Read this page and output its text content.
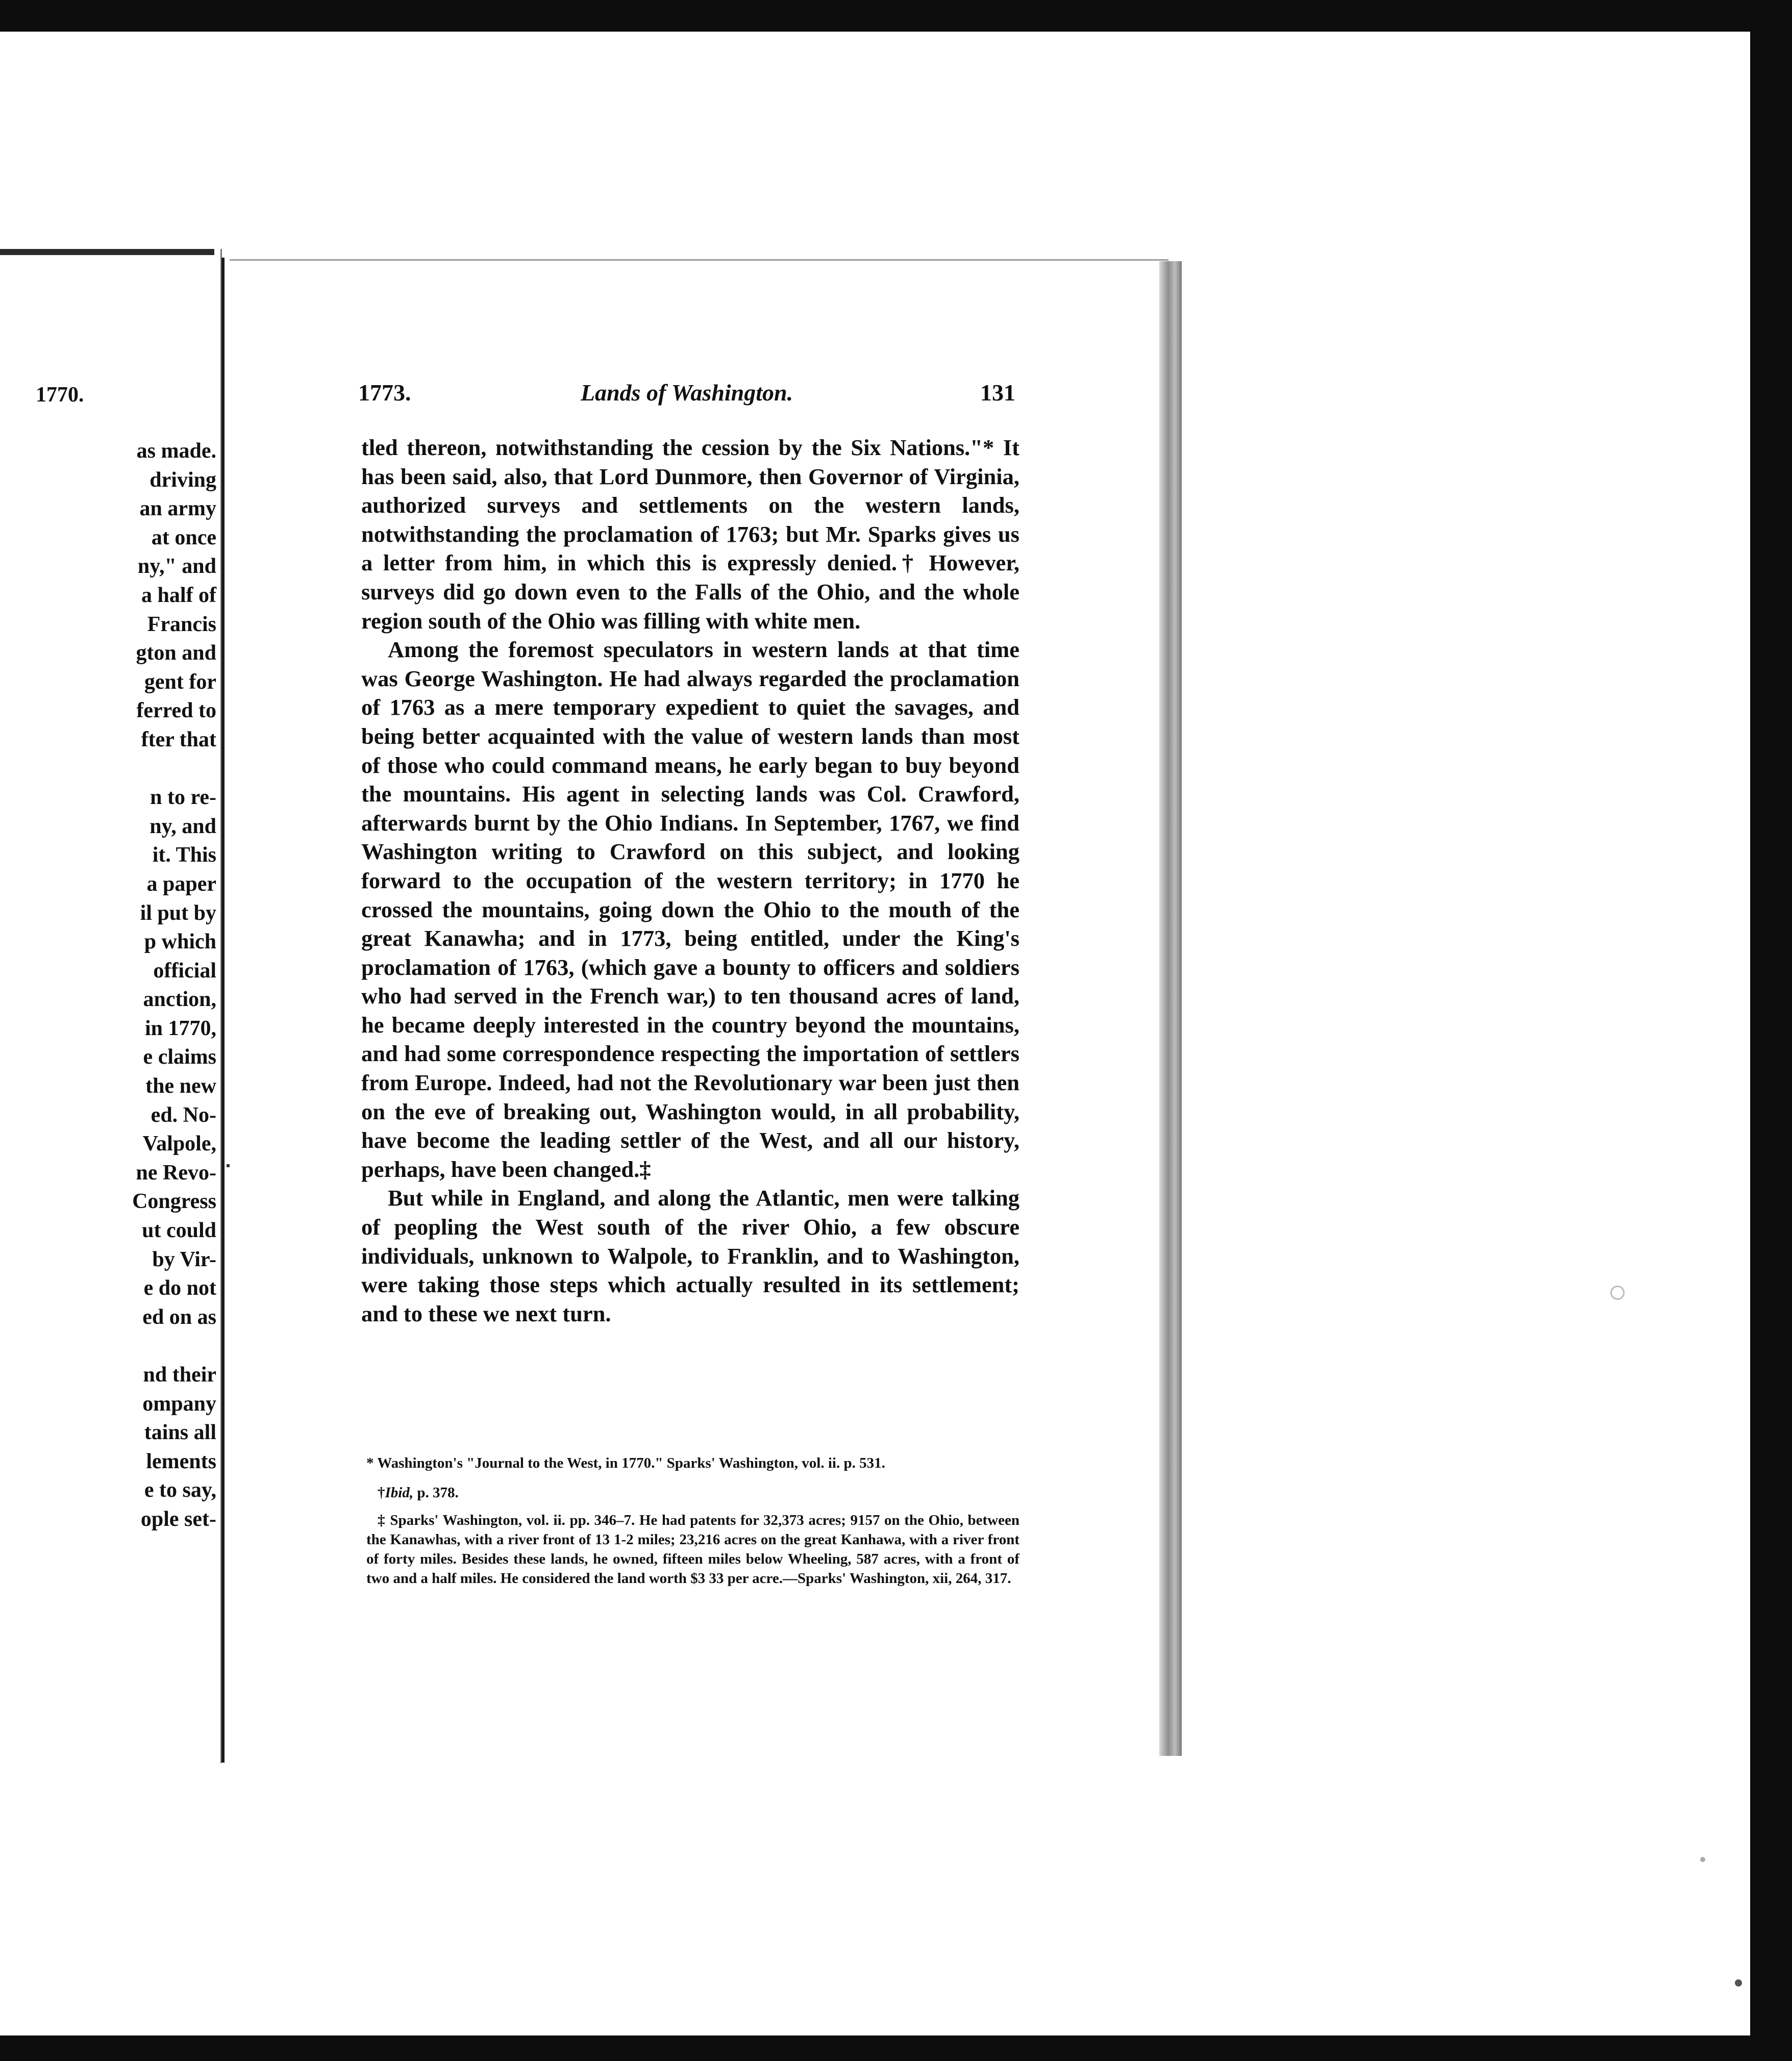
1770.
as made.
driving
an army
at once
ny," and
a half of
Francis
gton and
gent for
ferred to
fter that
n to re-
ny, and
it. This
a paper
il put by
p which
official
anction,
in 1770,
e claims
the new
ed. No-
Valpole,
ne Revo-
Congress
ut could
by Vir-
e do not
ed on as
nd their
ompany
tains all
lements
e to say,
ople set-
1773.	Lands of Washington.	131

tled thereon, notwithstanding the cession by the Six Nations."* It has been said, also, that Lord Dunmore, then Governor of Virginia, authorized surveys and settlements on the western lands, notwithstanding the proclamation of 1763; but Mr. Sparks gives us a letter from him, in which this is expressly denied.† However, surveys did go down even to the Falls of the Ohio, and the whole region south of the Ohio was filling with white men.

Among the foremost speculators in western lands at that time was George Washington. He had always regarded the proclamation of 1763 as a mere temporary expedient to quiet the savages, and being better acquainted with the value of western lands than most of those who could command means, he early began to buy beyond the mountains. His agent in selecting lands was Col. Crawford, afterwards burnt by the Ohio Indians. In September, 1767, we find Washington writing to Crawford on this subject, and looking forward to the occupation of the western territory; in 1770 he crossed the mountains, going down the Ohio to the mouth of the great Kanawha; and in 1773, being entitled, under the King's proclamation of 1763, (which gave a bounty to officers and soldiers who had served in the French war,) to ten thousand acres of land, he became deeply interested in the country beyond the mountains, and had some correspondence respecting the importation of settlers from Europe. Indeed, had not the Revolutionary war been just then on the eve of breaking out, Washington would, in all probability, have become the leading settler of the West, and all our history, perhaps, have been changed.‡

But while in England, and along the Atlantic, men were talking of peopling the West south of the river Ohio, a few obscure individuals, unknown to Walpole, to Franklin, and to Washington, were taking those steps which actually resulted in its settlement; and to these we next turn.

* Washington's "Journal to the West, in 1770." Sparks' Washington, vol. ii. p. 531.

†Ibid, p. 378.

‡ Sparks' Washington, vol. ii. pp. 346–7. He had patents for 32,373 acres; 9157 on the Ohio, between the Kanawhas, with a river front of 13 1-2 miles; 23,216 acres on the great Kanhawa, with a river front of forty miles. Besides these lands, he owned, fifteen miles below Wheeling, 587 acres, with a front of two and a half miles. He considered the land worth $3 33 per acre.—Sparks' Washington, xii, 264, 317.
